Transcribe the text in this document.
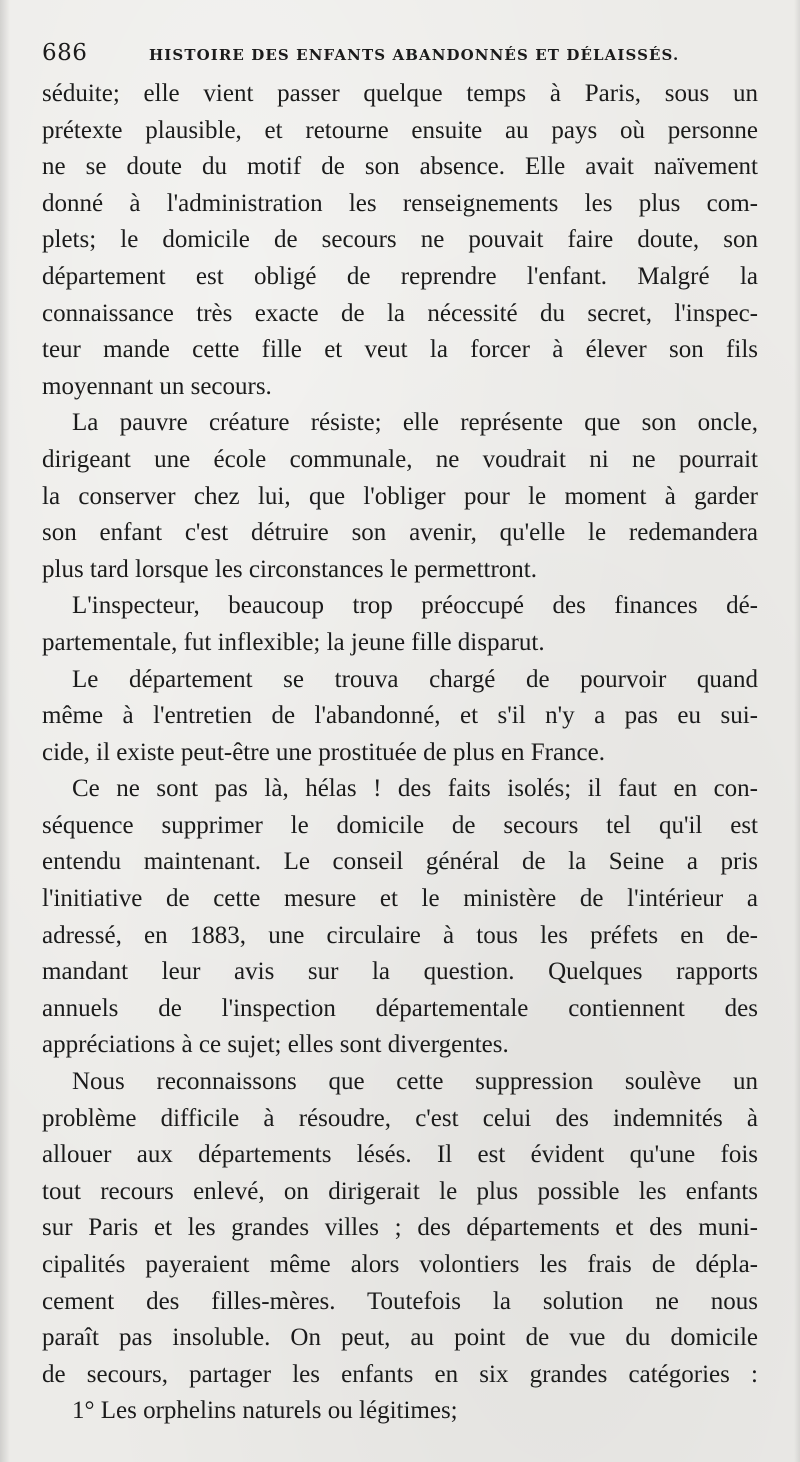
686	HISTOIRE DES ENFANTS ABANDONNÉS ET DÉLAISSÉS.
séduite; elle vient passer quelque temps à Paris, sous un
prétexte plausible, et retourne ensuite au pays où personne
ne se doute du motif de son absence. Elle avait naïvement
donné à l'administration les renseignements les plus com-
plets; le domicile de secours ne pouvait faire doute, son
département est obligé de reprendre l'enfant. Malgré la
connaissance très exacte de la nécessité du secret, l'inspec-
teur mande cette fille et veut la forcer à élever son fils
moyennant un secours.
La pauvre créature résiste; elle représente que son oncle,
dirigeant une école communale, ne voudrait ni ne pourrait
la conserver chez lui, que l'obliger pour le moment à garder
son enfant c'est détruire son avenir, qu'elle le redemandera
plus tard lorsque les circonstances le permettront.
L'inspecteur, beaucoup trop préoccupé des finances dé-
partementale, fut inflexible; la jeune fille disparut.
Le département se trouva chargé de pourvoir quand
même à l'entretien de l'abandonné, et s'il n'y a pas eu sui-
cide, il existe peut-être une prostituée de plus en France.
Ce ne sont pas là, hélas ! des faits isolés; il faut en con-
séquence supprimer le domicile de secours tel qu'il est
entendu maintenant. Le conseil général de la Seine a pris
l'initiative de cette mesure et le ministère de l'intérieur a
adressé, en 1883, une circulaire à tous les préfets en de-
mandant leur avis sur la question. Quelques rapports
annuels de l'inspection départementale contiennent des
appréciations à ce sujet; elles sont divergentes.
Nous reconnaissons que cette suppression soulève un
problème difficile à résoudre, c'est celui des indemnités à
allouer aux départements lésés. Il est évident qu'une fois
tout recours enlevé, on dirigerait le plus possible les enfants
sur Paris et les grandes villes ; des départements et des muni-
cipalités payeraient même alors volontiers les frais de dépla-
cement des filles-mères. Toutefois la solution ne nous
paraît pas insoluble. On peut, au point de vue du domicile
de secours, partager les enfants en six grandes catégories :
1° Les orphelins naturels ou légitimes;
